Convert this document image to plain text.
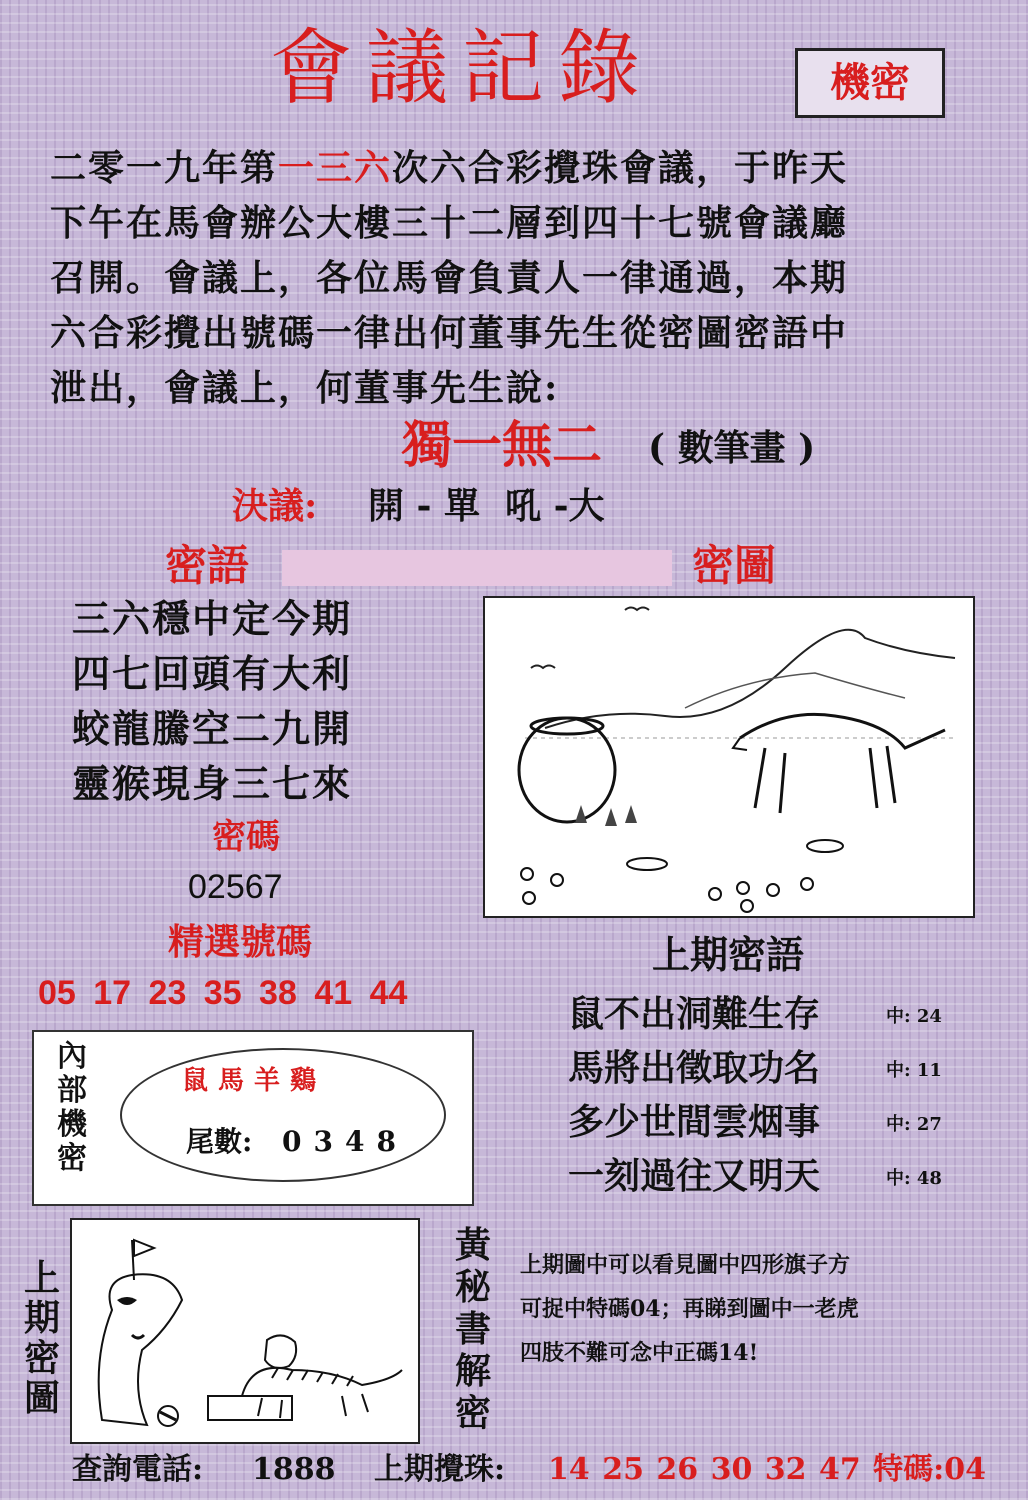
會議記錄	機密
二零一九年第一三六次六合彩攪珠會議，于昨天
下午在馬會辦公大樓三十二層到四十七號會議廳
召開。會議上，各位馬會負責人一律通過，本期
六合彩攪出號碼一律出何董事先生從密圖密語中
泄出，會議上，何董事先生說:
獨一無二 ( 數筆畫 )
決議: 開 - 單  吼 -大
密語	密圖
三六穩中定今期
四七回頭有大利
蛟龍騰空二九開
靈猴現身三七來
密碼
02567
精選號碼
05 17 23 35 38 41 44
上期密語
鼠不出洞難生存	中: 24
馬將出徵取功名	中: 11
多少世間雲烟事	中: 27
一刻過往又明天	中: 48
內部機密
鼠馬羊鷄
尾數: 0348
上期密圖
黃秘書解密
上期圖中可以看見圖中四形旗子方
可捉中特碼04；再睇到圖中一老虎
四肢不難可念中正碼14!
查詢電話: 1888 上期攪珠: 14 25 26 30 32 47 特碼:04
